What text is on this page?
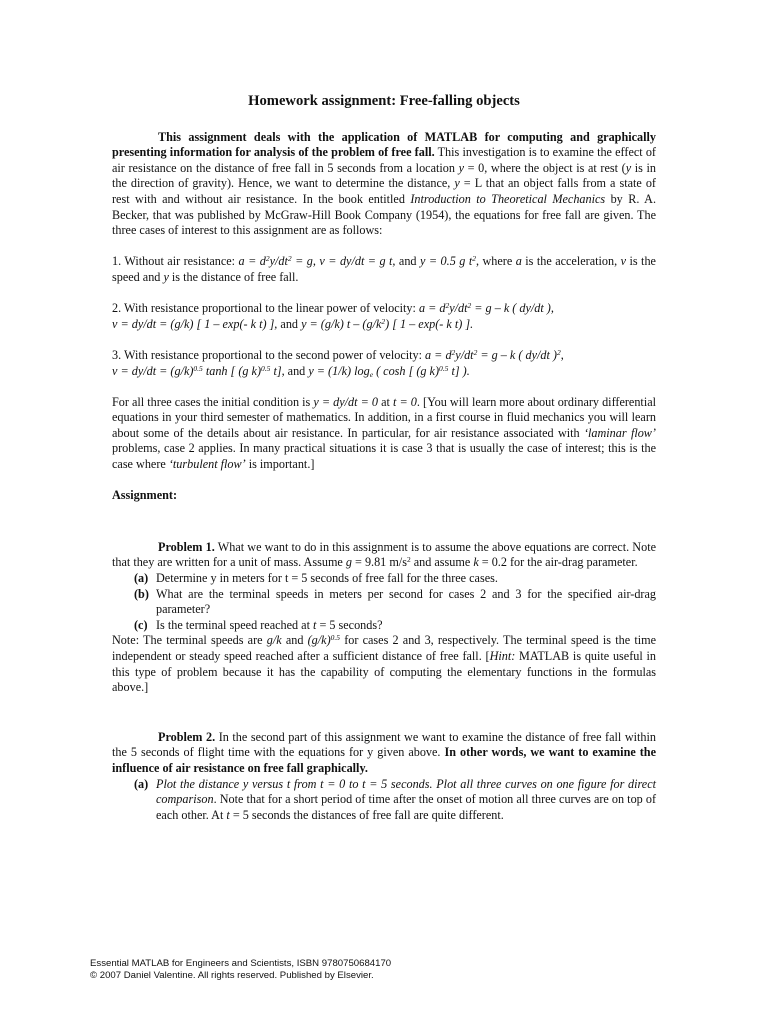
Homework assignment: Free-falling objects

This assignment deals with the application of MATLAB for computing and graphically presenting information for analysis of the problem of free fall. This investigation is to examine the effect of air resistance on the distance of free fall in 5 seconds from a location y = 0, where the object is at rest (y is in the direction of gravity). Hence, we want to determine the distance, y = L that an object falls from a state of rest with and without air resistance. In the book entitled Introduction to Theoretical Mechanics by R. A. Becker, that was published by McGraw-Hill Book Company (1954), the equations for free fall are given. The three cases of interest to this assignment are as follows:

1. Without air resistance: $a = d^2y/dt^2 = g$, v = dy/dt = g t, and y = 0.5 g $t^2$, where a is the acceleration, v is the speed and y is the distance of free fall.

2. With resistance proportional to the linear power of velocity: $a = d^2y/dt^2 = g - k$ ( dy/dt ),
v = dy/dt = (g/k) [ 1 – exp(- k t) ], and y = (g/k) t – $(g/k^2)$ [ 1 – exp(- k t) ].

3. With resistance proportional to the second power of velocity: $a = d^2y/dt^2 = g - k$ ( dy/dt )$^2$,
$v = dy/dt = (g/k)^{0.5}$ tanh [ (g k)$^{0.5}$ t], and y = (1/k) $\log_e$ ( cosh [ (g k)$^{0.5}$ t] ).

For all three cases the initial condition is y = dy/dt = 0 at t = 0. [You will learn more about ordinary differential equations in your third semester of mathematics. In addition, in a first course in fluid mechanics you will learn about some of the details about air resistance. In particular, for air resistance associated with ‘laminar flow’ problems, case 2 applies. In many practical situations it is case 3 that is usually the case of interest; this is the case where ‘turbulent flow’ is important.]

Assignment:

Problem 1. What we want to do in this assignment is to assume the above equations are correct. Note that they are written for a unit of mass. Assume g = 9.81 $m/s^2$ and assume k = 0.2 for the air-drag parameter.

(a) Determine y in meters for t = 5 seconds of free fall for the three cases.
(b) What are the terminal speeds in meters per second for cases 2 and 3 for the specified air-drag parameter?
(c) Is the terminal speed reached at t = 5 seconds?

Note: The terminal speeds are g/k and $(g/k)^{0.5}$ for cases 2 and 3, respectively. The terminal speed is the time independent or steady speed reached after a sufficient distance of free fall. [Hint: MATLAB is quite useful in this type of problem because it has the capability of computing the elementary functions in the formulas above.]

Problem 2. In the second part of this assignment we want to examine the distance of free fall within the 5 seconds of flight time with the equations for y given above. In other words, we want to examine the influence of air resistance on free fall graphically.

(a) Plot the distance y versus t from t = 0 to t = 5 seconds. Plot all three curves on one figure for direct comparison. Note that for a short period of time after the onset of motion all three curves are on top of each other. At t = 5 seconds the distances of free fall are quite different.
Essential MATLAB for Engineers and Scientists, ISBN 9780750684170
© 2007 Daniel Valentine. All rights reserved. Published by Elsevier.
